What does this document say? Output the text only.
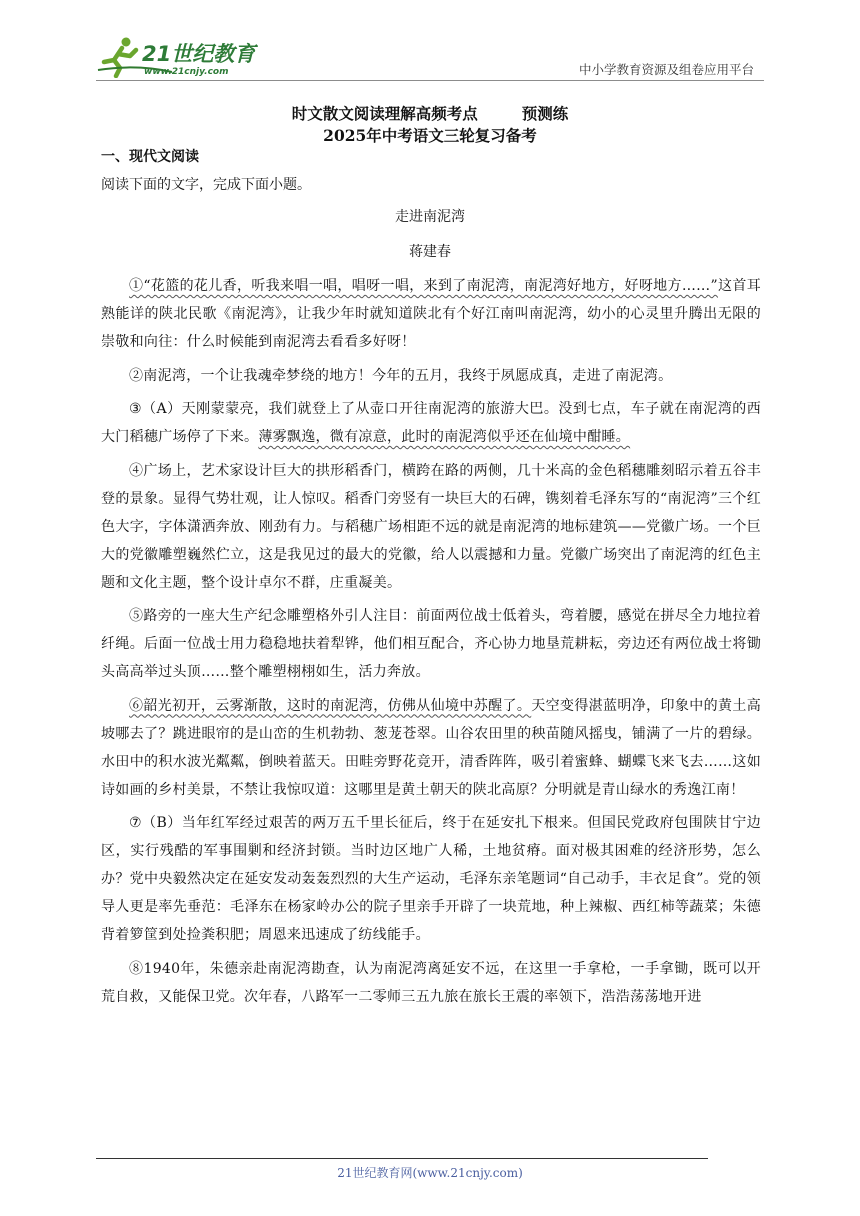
21世纪教育
www.21cnjy.com	中小学教育资源及组卷应用平台
时文散文阅读理解高频考点	预测练
2025年中考语文三轮复习备考
一、现代文阅读
阅读下面的文字，完成下面小题。
走进南泥湾
蒋建春

①“花篮的花儿香，听我来唱一唱，唱呀一唱，来到了南泥湾，南泥湾好地方，好呀地方……”这首耳熟能详的陕北民歌《南泥湾》，让我少年时就知道陕北有个好江南叫南泥湾，幼小的心灵里升腾出无限的崇敬和向往：什么时候能到南泥湾去看看多好呀！

②南泥湾，一个让我魂牵梦绕的地方！今年的五月，我终于夙愿成真，走进了南泥湾。

③（A）天刚蒙蒙亮，我们就登上了从壶口开往南泥湾的旅游大巴。没到七点，车子就在南泥湾的西大门稻穗广场停了下来。薄雾飘逸，微有凉意，此时的南泥湾似乎还在仙境中酣睡。

④广场上，艺术家设计巨大的拱形稻香门，横跨在路的两侧，几十米高的金色稻穗雕刻昭示着五谷丰登的景象。显得气势壮观，让人惊叹。稻香门旁竖有一块巨大的石碑，镌刻着毛泽东写的“南泥湾”三个红色大字，字体潇洒奔放、刚劲有力。与稻穗广场相距不远的就是南泥湾的地标建筑——党徽广场。一个巨大的党徽雕塑巍然伫立，这是我见过的最大的党徽，给人以震撼和力量。党徽广场突出了南泥湾的红色主题和文化主题，整个设计卓尔不群，庄重凝美。

⑤路旁的一座大生产纪念雕塑格外引人注目：前面两位战士低着头，弯着腰，感觉在拼尽全力地拉着纤绳。后面一位战士用力稳稳地扶着犁铧，他们相互配合，齐心协力地垦荒耕耘，旁边还有两位战士将锄头高高举过头顶……整个雕塑栩栩如生，活力奔放。

⑥韶光初开，云雾渐散，这时的南泥湾，仿佛从仙境中苏醒了。天空变得湛蓝明净，印象中的黄土高坡哪去了？跳进眼帘的是山峦的生机勃勃、葱茏苍翠。山谷农田里的秧苗随风摇曳，铺满了一片的碧绿。水田中的积水波光粼粼，倒映着蓝天。田畦旁野花竞开，清香阵阵，吸引着蜜蜂、蝴蝶飞来飞去……这如诗如画的乡村美景，不禁让我惊叹道：这哪里是黄土朝天的陕北高原？分明就是青山绿水的秀逸江南！

⑦（B）当年红军经过艰苦的两万五千里长征后，终于在延安扎下根来。但国民党政府包围陕甘宁边区，实行残酷的军事围剿和经济封锁。当时边区地广人稀，土地贫瘠。面对极其困难的经济形势，怎么办？党中央毅然决定在延安发动轰轰烈烈的大生产运动，毛泽东亲笔题词“自己动手，丰衣足食”。党的领导人更是率先垂范：毛泽东在杨家岭办公的院子里亲手开辟了一块荒地，种上辣椒、西红柿等蔬菜；朱德背着箩筐到处捡粪积肥；周恩来迅速成了纺线能手。

⑧1940年，朱德亲赴南泥湾勘查，认为南泥湾离延安不远，在这里一手拿枪，一手拿锄，既可以开荒自救，又能保卫党。次年春，八路军一二零师三五九旅在旅长王震的率领下，浩浩荡荡地开进

21世纪教育网(www.21cnjy.com)
